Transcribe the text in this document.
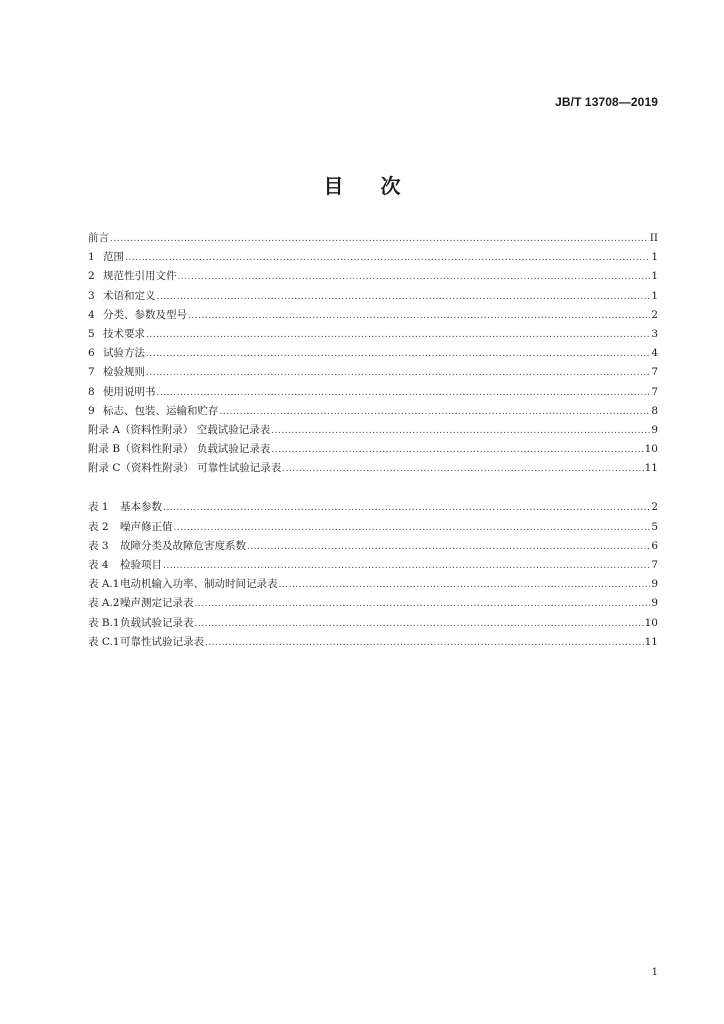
JB/T 13708—2019
目 次
前言 .....	II
1 范围 .....	1
2 规范性引用文件 .....	1
3 术语和定义 .....	1
4 分类、参数及型号 .....	2
5 技术要求 .....	3
6 试验方法 .....	4
7 检验规则 .....	7
8 使用说明书 .....	7
9 标志、包装、运输和贮存 .....	8
附录 A（资料性附录） 空载试验记录表 .....	9
附录 B（资料性附录） 负载试验记录表 .....	10
附录 C（资料性附录） 可靠性试验记录表 .....	11
表 1	基本参数 .....	2
表 2	噪声修正值 .....	5
表 3	故障分类及故障危害度系数 .....	6
表 4	检验项目 .....	7
表 A.1 电动机输入功率、制动时间记录表 .....	9
表 A.2 噪声测定记录表 .....	9
表 B.1 负载试验记录表 .....	10
表 C.1 可靠性试验记录表 .....	11
1
